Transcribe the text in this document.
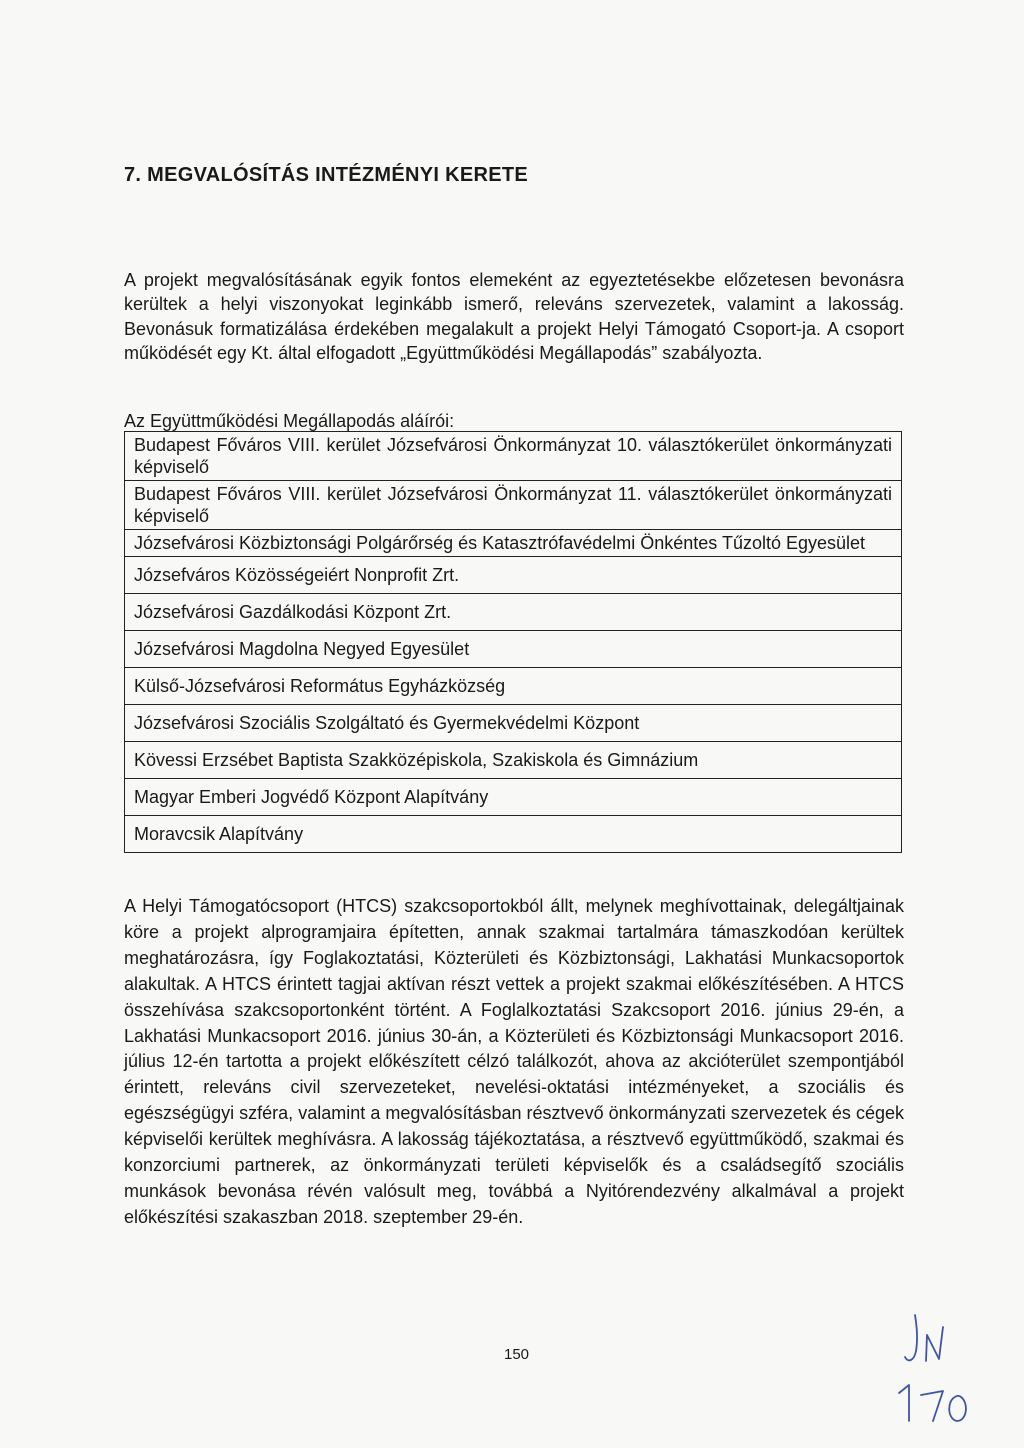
7. MEGVALÓSÍTÁS INTÉZMÉNYI KERETE

A projekt megvalósításának egyik fontos elemeként az egyeztetésekbe előzetesen bevonásra kerültek a helyi viszonyokat leginkább ismerő, releváns szervezetek, valamint a lakosság. Bevonásuk formatizálása érdekében megalakult a projekt Helyi Támogató Csoport-ja. A csoport működését egy Kt. által elfogadott „Együttműködési Megállapodás” szabályozta.

Az Együttműködési Megállapodás aláírói:

Budapest Főváros VIII. kerület Józsefvárosi Önkormányzat 10. választókerület önkormányzati képviselő
Budapest Főváros VIII. kerület Józsefvárosi Önkormányzat 11. választókerület önkormányzati képviselő
Józsefvárosi Közbiztonsági Polgárőrség és Katasztrófavédelmi Önkéntes Tűzoltó Egyesület
Józsefváros Közösségeiért Nonprofit Zrt.
Józsefvárosi Gazdálkodási Központ Zrt.
Józsefvárosi Magdolna Negyed Egyesület
Külső-Józsefvárosi Református Egyházközség
Józsefvárosi Szociális Szolgáltató és Gyermekvédelmi Központ
Kövessi Erzsébet Baptista Szakközépiskola, Szakiskola és Gimnázium
Magyar Emberi Jogvédő Központ Alapítvány
Moravcsik Alapítvány

A Helyi Támogatócsoport (HTCS) szakcsoportokból állt, melynek meghívottainak, delegáltjainak köre a projekt alprogramjaira építetten, annak szakmai tartalmára támaszkodóan kerültek meghatározásra, így Foglakoztatási, Közterületi és Közbiztonsági, Lakhatási Munkacsoportok alakultak. A HTCS érintett tagjai aktívan részt vettek a projekt szakmai előkészítésében. A HTCS összehívása szakcsoportonként történt. A Foglalkoztatási Szakcsoport 2016. június 29-én, a Lakhatási Munkacsoport 2016. június 30-án, a Közterületi és Közbiztonsági Munkacsoport 2016. július 12-én tartotta a projekt előkészített célzó találkozót, ahova az akcióterület szempontjából érintett, releváns civil szervezeteket, nevelési-oktatási intézményeket, a szociális és egészségügyi szféra, valamint a megvalósításban résztvevő önkormányzati szervezetek és cégek képviselői kerültek meghívásra. A lakosság tájékoztatása, a résztvevő együttműködő, szakmai és konzorciumi partnerek, az önkormányzati területi képviselők és a családsegítő szociális munkások bevonása révén valósult meg, továbbá a Nyitórendezvény alkalmával a projekt előkészítési szakaszban 2018. szeptember 29-én.

150
